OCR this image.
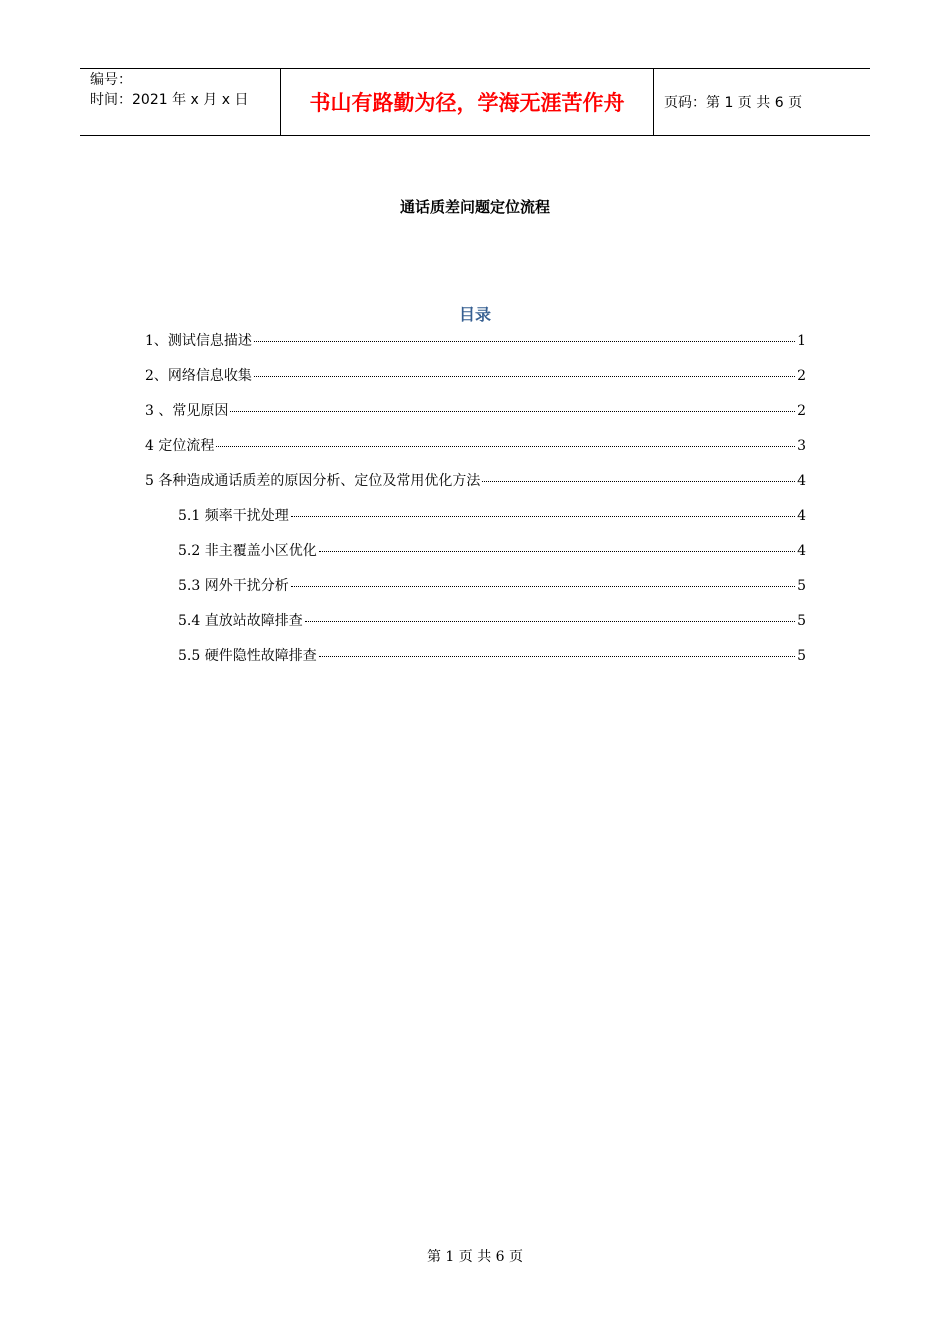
编号：
时间：2021 年 x 月 x 日	书山有路勤为径，学海无涯苦作舟	页码：第 1 页 共 6 页
通话质差问题定位流程
目录
1、测试信息描述	1
2、网络信息收集	2
3 、常见原因	2
4 定位流程	3
5 各种造成通话质差的原因分析、定位及常用优化方法	4
5.1 频率干扰处理	4
5.2 非主覆盖小区优化	4
5.3 网外干扰分析	5
5.4 直放站故障排查	5
5.5 硬件隐性故障排查	5
第 1 页 共 6 页
